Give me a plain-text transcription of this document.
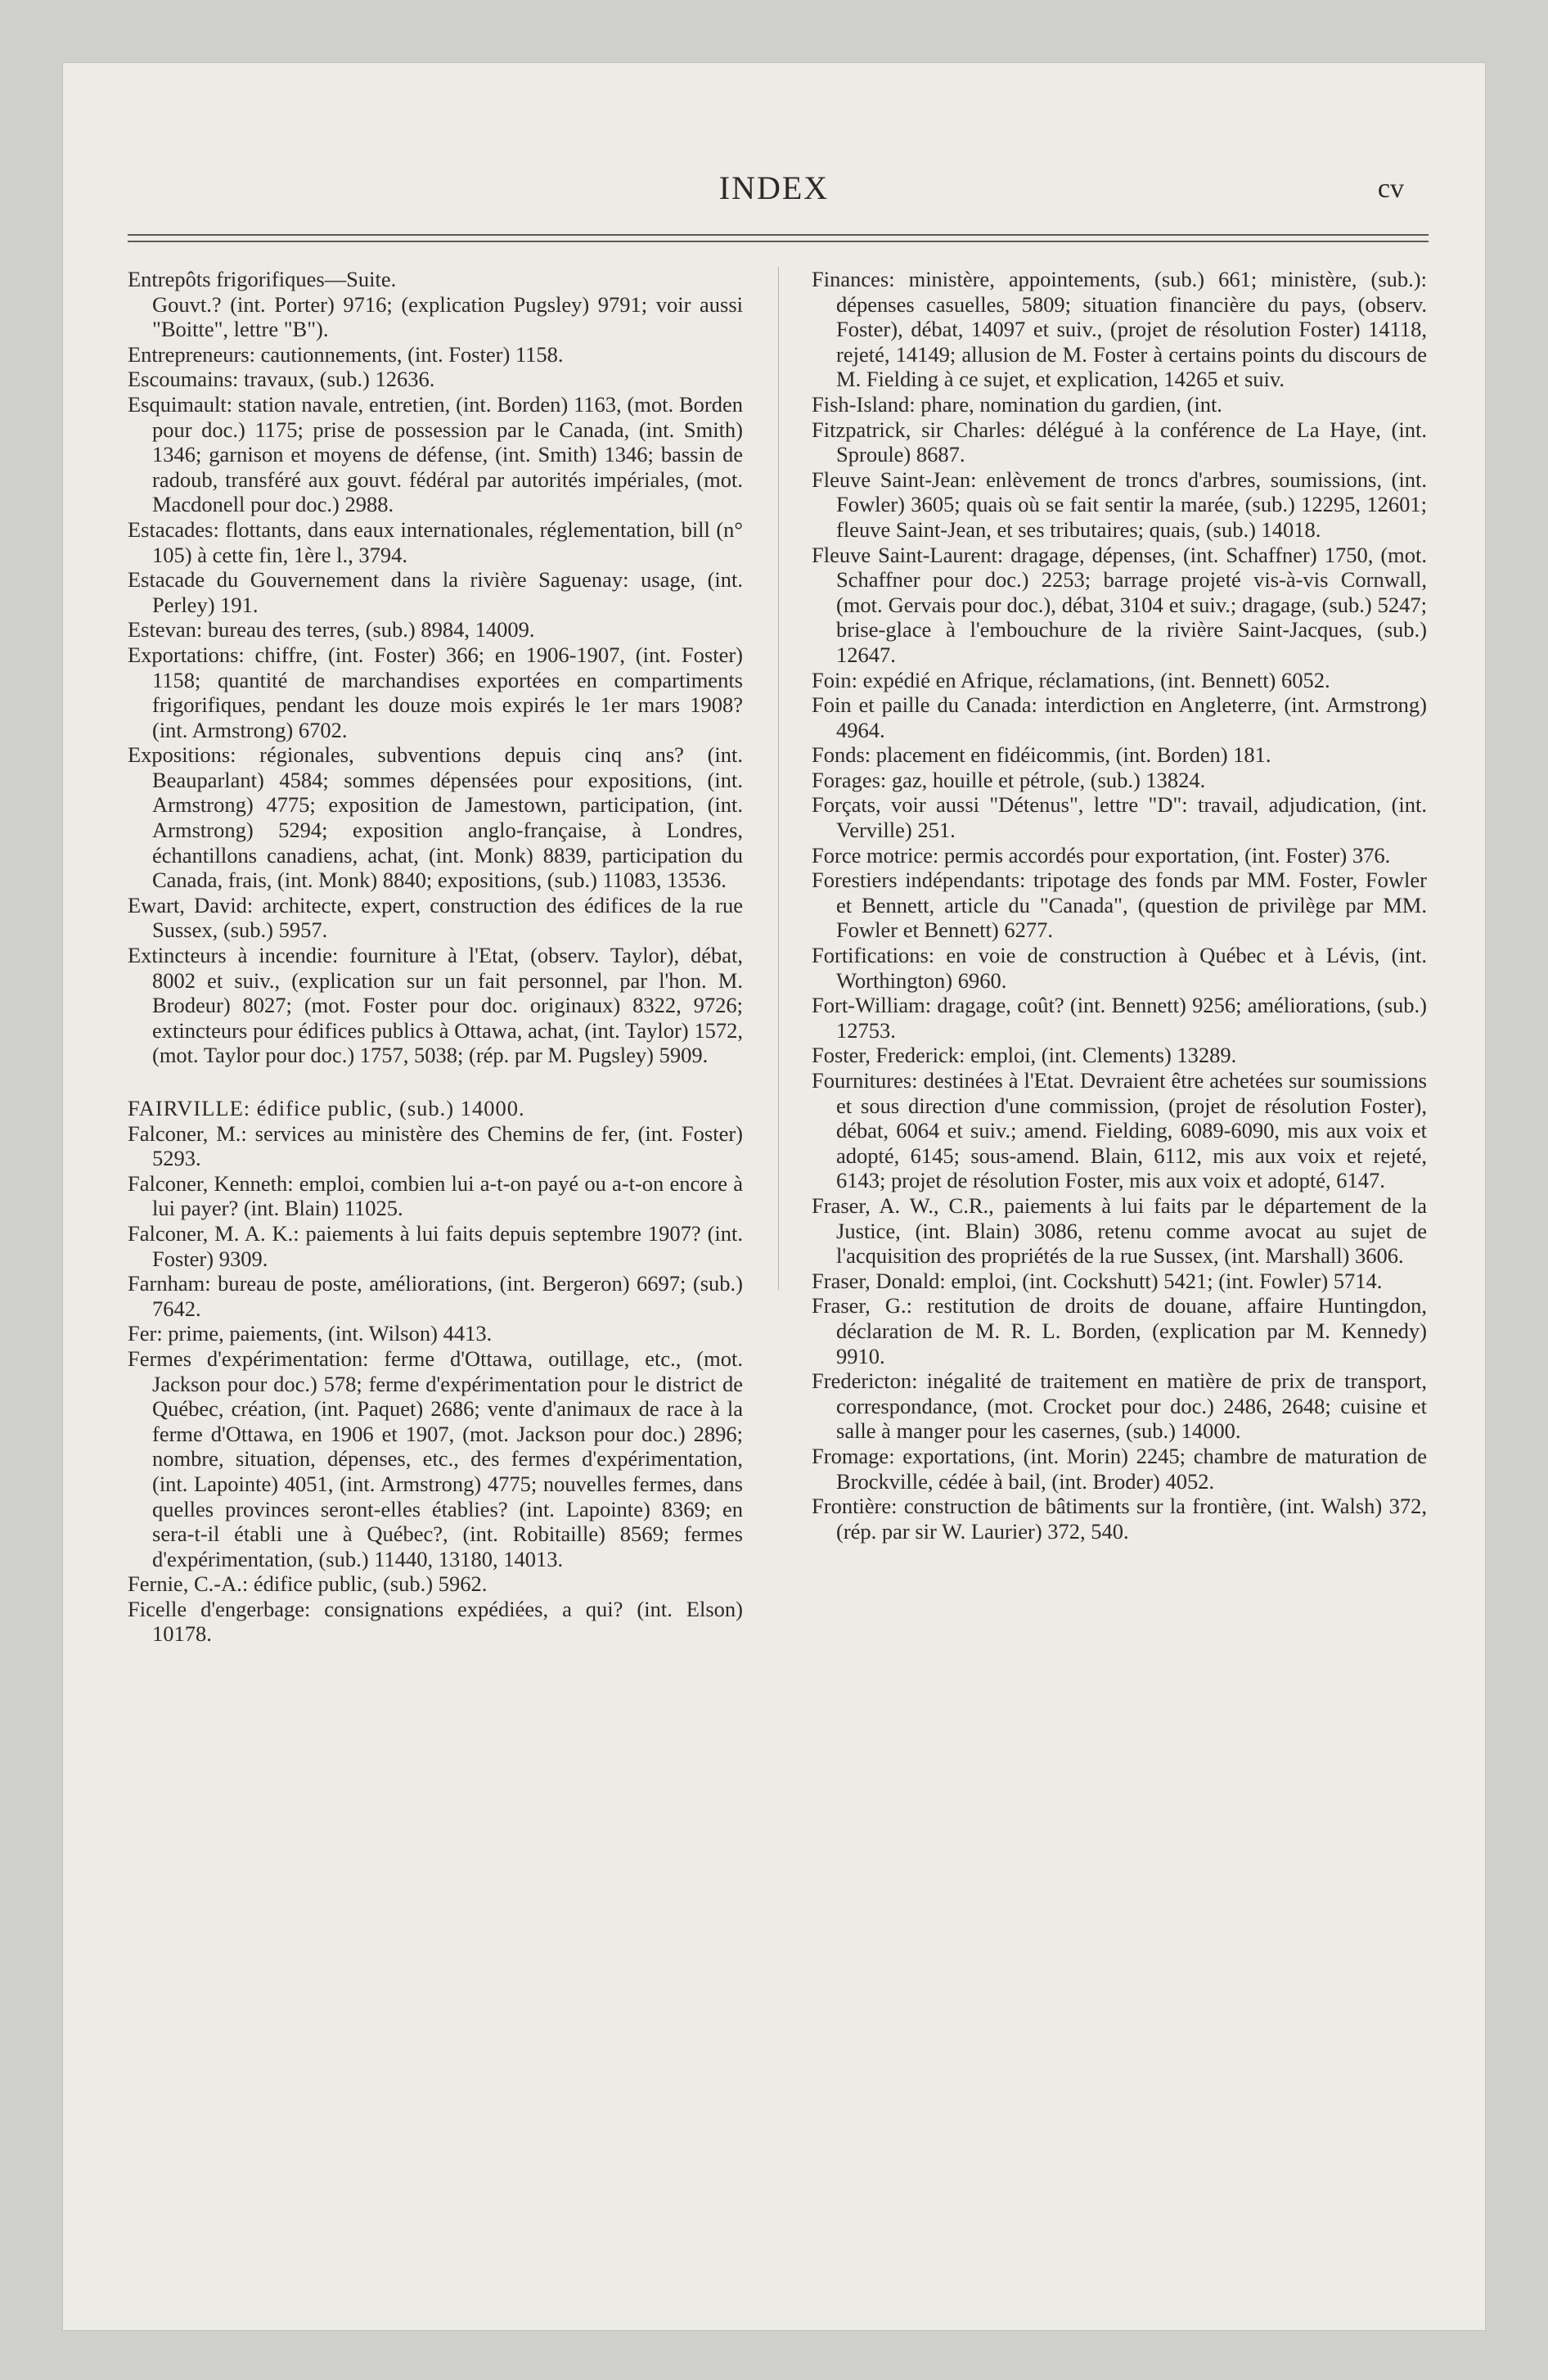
INDEX	cv

Entrepôts frigorifiques—Suite.

Gouvt.? (int. Porter) 9716; (explication Pugsley) 9791; voir aussi "Boitte", lettre "B").

Entrepreneurs: cautionnements, (int. Foster) 1158.

Escoumains: travaux, (sub.) 12636.

Esquimault: station navale, entretien, (int. Borden) 1163, (mot. Borden pour doc.) 1175; prise de possession par le Canada, (int. Smith) 1346; garnison et moyens de défense, (int. Smith) 1346; bassin de radoub, transféré aux gouvt. fédéral par autorités impériales, (mot. Macdonell pour doc.) 2988.

Estacades: flottants, dans eaux internationales, réglementation, bill (n° 105) à cette fin, 1ère l., 3794.

Estacade du Gouvernement dans la rivière Saguenay: usage, (int. Perley) 191.

Estevan: bureau des terres, (sub.) 8984, 14009.

Exportations: chiffre, (int. Foster) 366; en 1906-1907, (int. Foster) 1158; quantité de marchandises exportées en compartiments frigorifiques, pendant les douze mois expirés le 1er mars 1908? (int. Armstrong) 6702.

Expositions: régionales, subventions depuis cinq ans? (int. Beauparlant) 4584; sommes dépensées pour expositions, (int. Armstrong) 4775; exposition de Jamestown, participation, (int. Armstrong) 5294; exposition anglo-française, à Londres, échantillons canadiens, achat, (int. Monk) 8839, participation du Canada, frais, (int. Monk) 8840; expositions, (sub.) 11083, 13536.

Ewart, David: architecte, expert, construction des édifices de la rue Sussex, (sub.) 5957.

Extincteurs à incendie: fourniture à l'Etat, (observ. Taylor), débat, 8002 et suiv., (explication sur un fait personnel, par l'hon. M. Brodeur) 8027; (mot. Foster pour doc. originaux) 8322, 9726; extincteurs pour édifices publics à Ottawa, achat, (int. Taylor) 1572, (mot. Taylor pour doc.) 1757, 5038; (rép. par M. Pugsley) 5909.

FAIRVILLE: édifice public, (sub.) 14000.

Falconer, M.: services au ministère des Chemins de fer, (int. Foster) 5293.

Falconer, Kenneth: emploi, combien lui a-t-on payé ou a-t-on encore à lui payer? (int. Blain) 11025.

Falconer, M. A. K.: paiements à lui faits depuis septembre 1907? (int. Foster) 9309.

Farnham: bureau de poste, améliorations, (int. Bergeron) 6697; (sub.) 7642.

Fer: prime, paiements, (int. Wilson) 4413.

Fermes d'expérimentation: ferme d'Ottawa, outillage, etc., (mot. Jackson pour doc.) 578; ferme d'expérimentation pour le district de Québec, création, (int. Paquet) 2686; vente d'animaux de race à la ferme d'Ottawa, en 1906 et 1907, (mot. Jackson pour doc.) 2896; nombre, situation, dépenses, etc., des fermes d'expérimentation, (int. Lapointe) 4051, (int. Armstrong) 4775; nouvelles fermes, dans quelles provinces seront-elles établies? (int. Lapointe) 8369; en sera-t-il établi une à Québec?, (int. Robitaille) 8569; fermes d'expérimentation, (sub.) 11440, 13180, 14013.

Fernie, C.-A.: édifice public, (sub.) 5962.

Ficelle d'engerbage: consignations expédiées, a qui? (int. Elson) 10178.

Finances: ministère, appointements, (sub.) 661; ministère, (sub.): dépenses casuelles, 5809; situation financière du pays, (observ. Foster), débat, 14097 et suiv., (projet de résolution Foster) 14118, rejeté, 14149; allusion de M. Foster à certains points du discours de M. Fielding à ce sujet, et explication, 14265 et suiv.

Fish-Island: phare, nomination du gardien, (int.

Fitzpatrick, sir Charles: délégué à la conférence de La Haye, (int. Sproule) 8687.

Fleuve Saint-Jean: enlèvement de troncs d'arbres, soumissions, (int. Fowler) 3605; quais où se fait sentir la marée, (sub.) 12295, 12601; fleuve Saint-Jean, et ses tributaires; quais, (sub.) 14018.

Fleuve Saint-Laurent: dragage, dépenses, (int. Schaffner) 1750, (mot. Schaffner pour doc.) 2253; barrage projeté vis-à-vis Cornwall, (mot. Gervais pour doc.), débat, 3104 et suiv.; dragage, (sub.) 5247; brise-glace à l'embouchure de la rivière Saint-Jacques, (sub.) 12647.

Foin: expédié en Afrique, réclamations, (int. Bennett) 6052.

Foin et paille du Canada: interdiction en Angleterre, (int. Armstrong) 4964.

Fonds: placement en fidéicommis, (int. Borden) 181.

Forages: gaz, houille et pétrole, (sub.) 13824.

Forçats, voir aussi "Détenus", lettre "D": travail, adjudication, (int. Verville) 251.

Force motrice: permis accordés pour exportation, (int. Foster) 376.

Forestiers indépendants: tripotage des fonds par MM. Foster, Fowler et Bennett, article du "Canada", (question de privilège par MM. Fowler et Bennett) 6277.

Fortifications: en voie de construction à Québec et à Lévis, (int. Worthington) 6960.

Fort-William: dragage, coût? (int. Bennett) 9256; améliorations, (sub.) 12753.

Foster, Frederick: emploi, (int. Clements) 13289.

Fournitures: destinées à l'Etat. Devraient être achetées sur soumissions et sous direction d'une commission, (projet de résolution Foster), débat, 6064 et suiv.; amend. Fielding, 6089-6090, mis aux voix et adopté, 6145; sous-amend. Blain, 6112, mis aux voix et rejeté, 6143; projet de résolution Foster, mis aux voix et adopté, 6147.

Fraser, A. W., C.R., paiements à lui faits par le département de la Justice, (int. Blain) 3086, retenu comme avocat au sujet de l'acquisition des propriétés de la rue Sussex, (int. Marshall) 3606.

Fraser, Donald: emploi, (int. Cockshutt) 5421; (int. Fowler) 5714.

Fraser, G.: restitution de droits de douane, affaire Huntingdon, déclaration de M. R. L. Borden, (explication par M. Kennedy) 9910.

Fredericton: inégalité de traitement en matière de prix de transport, correspondance, (mot. Crocket pour doc.) 2486, 2648; cuisine et salle à manger pour les casernes, (sub.) 14000.

Fromage: exportations, (int. Morin) 2245; chambre de maturation de Brockville, cédée à bail, (int. Broder) 4052.

Frontière: construction de bâtiments sur la frontière, (int. Walsh) 372, (rép. par sir W. Laurier) 372, 540.
